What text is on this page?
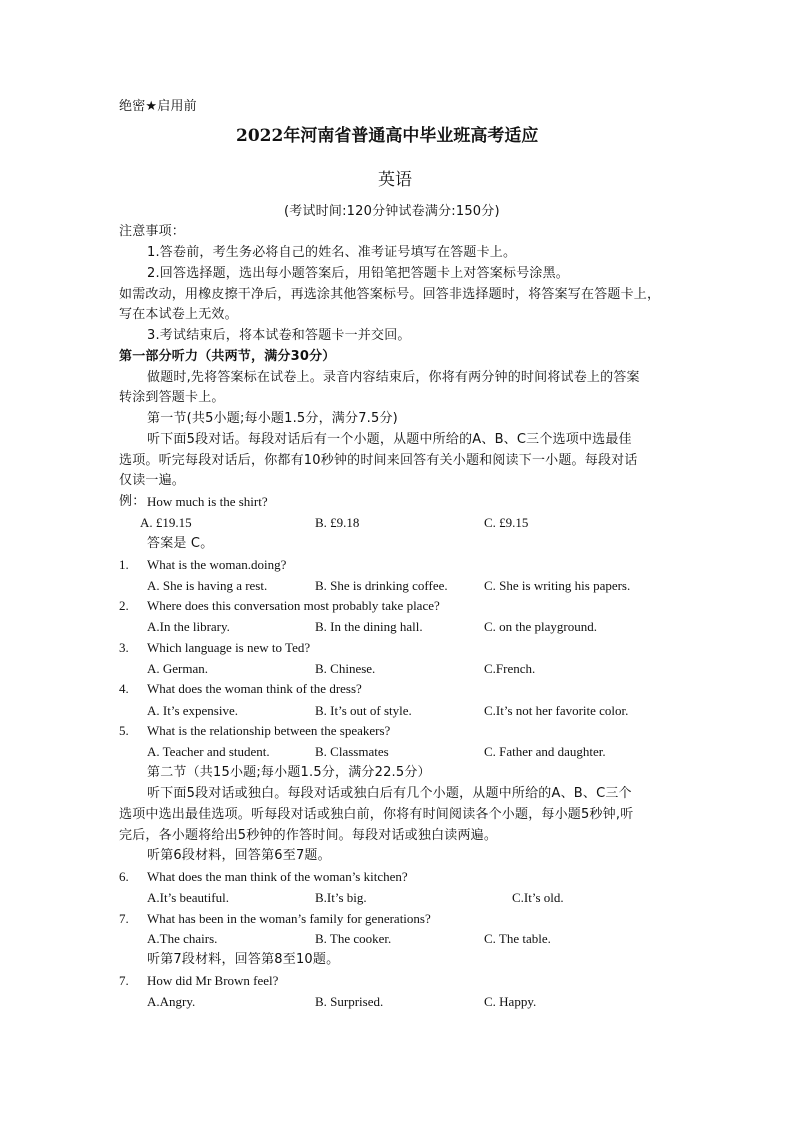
绝密★启用前
2022年河南省普通高中毕业班高考适应
英语
(考试时间:120分钟试卷满分:150分)
注意事项：
1.答卷前，考生务必将自己的姓名、准考证号填写在答题卡上。
2.回答选择题，选出每小题答案后，用铅笔把答题卡上对答案标号涂黑。
如需改动，用橡皮擦干净后，再选涂其他答案标号。回答非选择题时，将答案写在答题卡上，
写在本试卷上无效。
3.考试结束后，将本试卷和答题卡一并交回。
第一部分听力（共两节，满分30分）
做题时,先将答案标在试卷上。录音内容结束后，你将有两分钟的时间将试卷上的答案
转涂到答题卡上。
第一节(共5小题;每小题1.5分，满分7.5分)
听下面5段对话。每段对话后有一个小题，从题中所给的A、B、C三个选项中选最佳
选项。听完每段对话后，你都有10秒钟的时间来回答有关小题和阅读下一小题。每段对话
仅读一遍。
例： How much is the shirt?
A. £19.15	B. £9.18	C. £9.15
答案是 C。
1. What is the woman.doing?
A. She is having a rest.	B. She is drinking coffee.	C. She is writing his papers.
2. Where does this conversation most probably take place?
A.In the library.	B. In the dining hall.	C. on the playground.
3. Which language is new to Ted?
A. German.	B. Chinese.	C.French.
4. What does the woman think of the dress?
A. It’s expensive.	B. It’s out of style.	C.It’s not her favorite color.
5. What is the relationship between the speakers?
A. Teacher and student.	B. Classmates	C. Father and daughter.
第二节（共15小题;每小题1.5分，满分22.5分）
听下面5段对话或独白。每段对话或独白后有几个小题，从题中所给的A、B、C三个
选项中选出最佳选项。听每段对话或独白前，你将有时间阅读各个小题，每小题5秒钟,听
完后，各小题将给出5秒钟的作答时间。每段对话或独白读两遍。
听第6段材料，回答第6至7题。
6. What does the man think of the woman’s kitchen?
A.It’s beautiful.	B.It’s big.	C.It’s old.
7. What has been in the woman’s family for generations?
A.The chairs.	B. The cooker.	C. The table.
听第7段材料，回答第8至10题。
7. How did Mr Brown feel?
A.Angry.	B. Surprised.	C. Happy.
